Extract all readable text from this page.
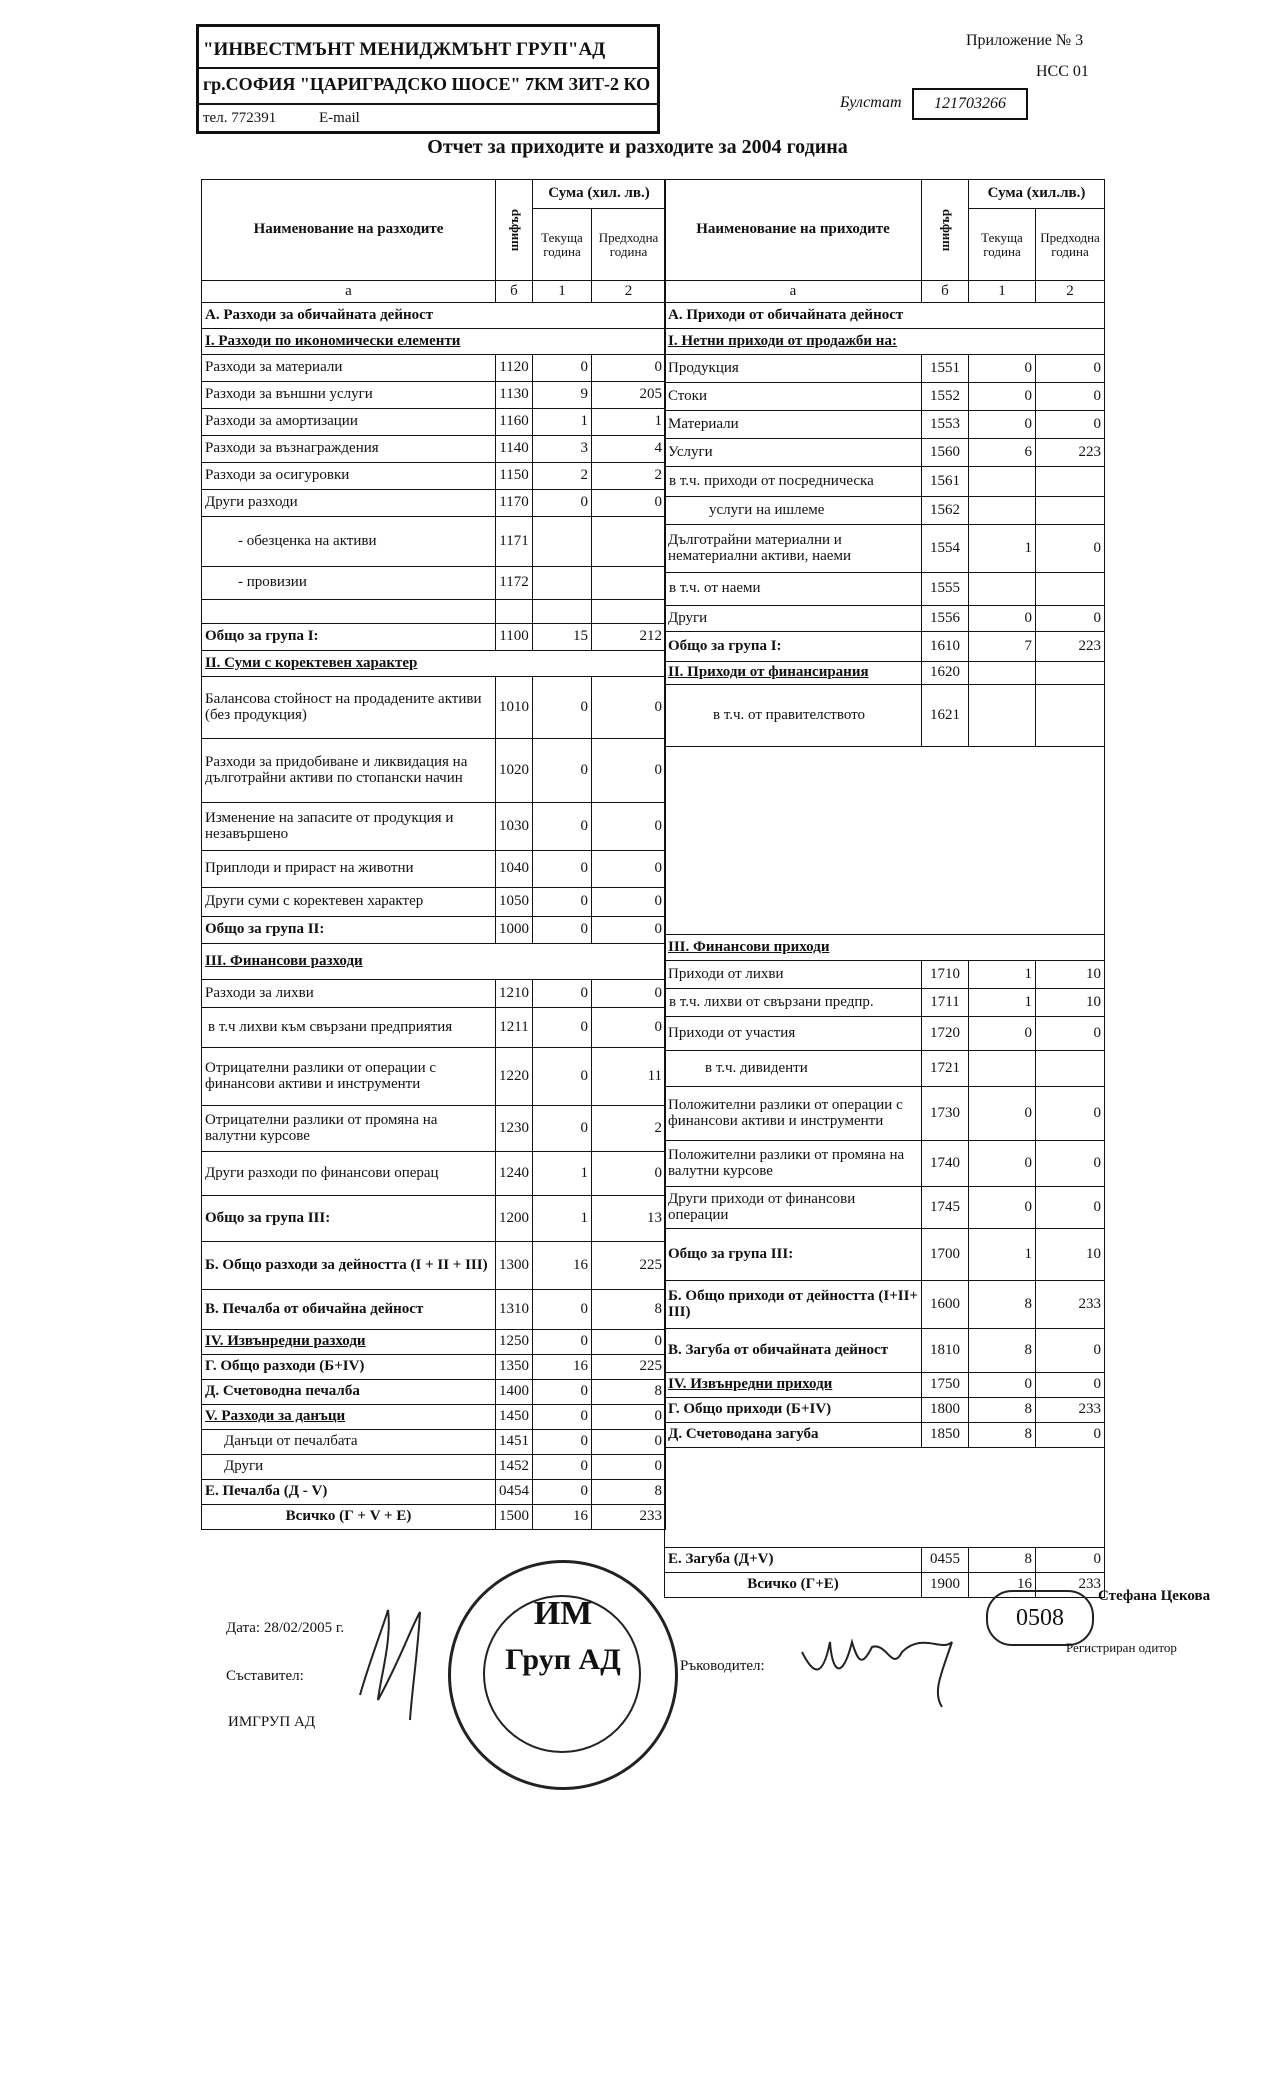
"ИНВЕСТМЪНТ МЕНИДЖМЪНТ ГРУП"АД
гр.СОФИЯ "ЦАРИГРАДСКО ШОСЕ" 7КМ ЗИТ-2 КО
тел. 772391	E-mail
Приложение № 3
НСС 01
Булстат	121703266
Отчет за приходите и разходите за 2004 година
Наименование на разходите	шифър	Сума (хил. лв.)	
		Текуща година	Предходна година
а	б	1	2
А. Разходи за обичайната дейност			
I. Разходи по икономически елементи			
Разходи за материали	1120	0	0
Разходи за външни услуги	1130	9	205
Разходи за амортизации	1160	1	1
Разходи за възнаграждения	1140	3	4
Разходи за осигуровки	1150	2	2
Други разходи	1170	0	0
- обезценка на активи	1171		
- провизии	1172		

Общо за група I:	1100	15	212
II. Суми с коректевен характер			
Балансова стойност на продадените активи (без продукция)	1010	0	0
Разходи за придобиване и ликвидация на дълготрайни активи по стопански начин	1020	0	0
Изменение на запасите от продукция и незавършено	1030	0	0
Приплоди и прираст на животни	1040	0	0
Други суми с коректевен характер	1050	0	0
Общо за група II:	1000	0	0
III. Финансови разходи			
Разходи за лихви	1210	0	0
в т.ч лихви към свързани предприятия	1211	0	0
Отрицателни разлики от операции с финансови активи и инструменти	1220	0	11
Отрицателни разлики от промяна на валутни курсове	1230	0	2
Други разходи по финансови операц	1240	1	0
Общо за група III:	1200	1	13
Б. Общо разходи за дейността (I + II + III)	1300	16	225
В. Печалба от обичайна дейност	1310	0	8
IV. Извънредни разходи	1250	0	0
Г. Общо разходи (Б+IV)	1350	16	225
Д. Счетоводна печалба	1400	0	8
V. Разходи за данъци	1450	0	0
Данъци от печалбата	1451	0	0
Други	1452	0	0
Е. Печалба (Д - V)	0454	0	8
Всичко (Г + V + Е)	1500	16	233
Наименование на приходите	шифър	Сума (хил.лв.)	
		Текуща година	Предходна година
а	б	1	2
А. Приходи от обичайната дейност			
I. Нетни приходи от продажби на:			
Продукция	1551	0	0
Стоки	1552	0	0
Материали	1553	0	0
Услуги	1560	6	223
в т.ч. приходи от посредническа	1561		
услуги на ишлеме	1562		
Дълготрайни материални и нематериални активи, наеми	1554	1	0
в т.ч. от наеми	1555		
Други	1556	0	0
Общо за група I:	1610	7	223
II. Приходи от финансирания	1620		
в т.ч. от правителството	1621		

III. Финансови приходи			
Приходи от лихви	1710	1	10
в т.ч. лихви от свързани предпр.	1711	1	10
Приходи от участия	1720	0	0
в т.ч. дивиденти	1721		
Положителни разлики от операции с финансови активи и инструменти	1730	0	0
Положителни разлики от промяна на валутни курсове	1740	0	0
Други приходи от финансови операции	1745	0	0
Общо за група III:	1700	1	10
Б. Общо приходи от дейността (I+II+ III)	1600	8	233
В. Загуба от обичайната дейност	1810	8	0
IV. Извънредни приходи	1750	0	0
Г. Общо приходи (Б+IV)	1800	8	233
Д. Счетоводана загуба	1850	8	0

Е. Загуба (Д+V)	0455	8	0
Всичко (Г+Е)	1900	16	233
Дата: 28/02/2005 г.
Съставител:
ИМГРУП АД
Ръководител:
ИМ
Груп АД
0508
Стефана Цекова
Регистриран одитор
